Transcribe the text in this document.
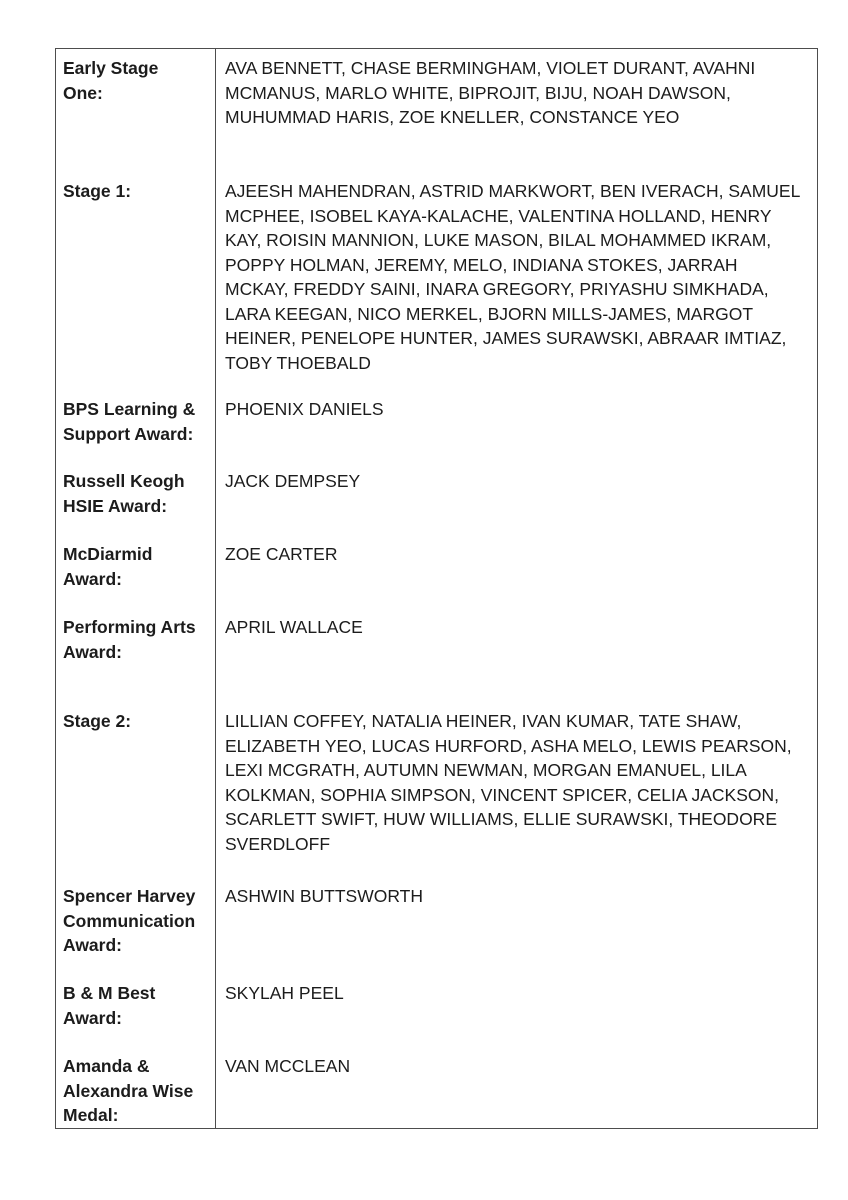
Early Stage One:
AVA BENNETT, CHASE BERMINGHAM, VIOLET DURANT, AVAHNI MCMANUS, MARLO WHITE, BIPROJIT, BIJU, NOAH DAWSON, MUHUMMAD HARIS, ZOE KNELLER, CONSTANCE YEO
Stage 1:	AJEESH MAHENDRAN, ASTRID MARKWORT, BEN IVERACH, SAMUEL MCPHEE, ISOBEL KAYA-KALACHE, VALENTINA HOLLAND, HENRY KAY, ROISIN MANNION, LUKE MASON, BILAL MOHAMMED IKRAM, POPPY HOLMAN, JEREMY, MELO, INDIANA STOKES, JARRAH MCKAY, FREDDY SAINI, INARA GREGORY, PRIYASHU SIMKHADA, LARA KEEGAN, NICO MERKEL, BJORN MILLS-JAMES, MARGOT HEINER, PENELOPE HUNTER, JAMES SURAWSKI, ABRAAR IMTIAZ, TOBY THOEBALD
BPS Learning & Support Award:
PHOENIX DANIELS
Russell Keogh HSIE Award:
JACK DEMPSEY
McDiarmid Award:
ZOE CARTER
Performing Arts Award:
APRIL WALLACE
Stage 2:	LILLIAN COFFEY, NATALIA HEINER, IVAN KUMAR, TATE SHAW, ELIZABETH YEO, LUCAS HURFORD, ASHA MELO, LEWIS PEARSON, LEXI MCGRATH, AUTUMN NEWMAN, MORGAN EMANUEL, LILA KOLKMAN, SOPHIA SIMPSON, VINCENT SPICER, CELIA JACKSON, SCARLETT SWIFT, HUW WILLIAMS, ELLIE SURAWSKI, THEODORE SVERDLOFF
Spencer Harvey Communication Award:
ASHWIN BUTTSWORTH
B & M Best Award:
SKYLAH PEEL
Amanda & Alexandra Wise Medal:
VAN MCCLEAN
